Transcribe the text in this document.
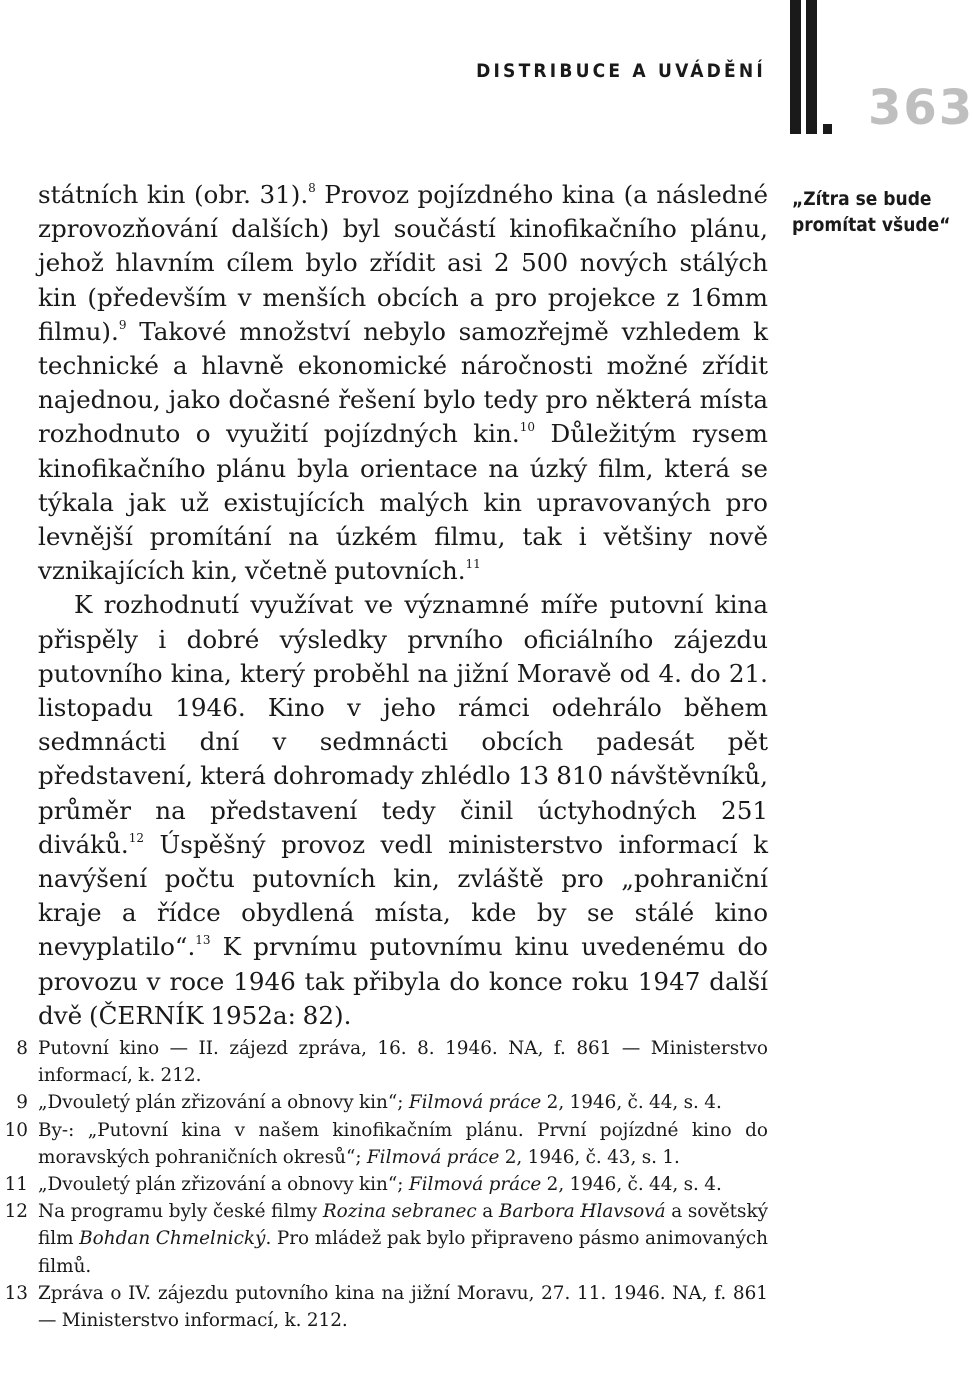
DISTRIBUCE A UVÁDĚNÍ
363
„Zítra se bude promítat všude“

státních kin (obr. 31).$^8$ Provoz pojízdného kina (a následné zprovozňování dalších) byl součástí kinofikačního plánu, jehož hlavním cílem bylo zřídit asi 2 500 nových stálých kin (především v menších obcích a pro projekce z 16mm filmu).$^9$ Takové množství nebylo samozřejmě vzhledem k technické a hlavně ekonomické náročnosti možné zřídit najednou, jako dočasné řešení bylo tedy pro některá místa rozhodnuto o využití pojízdných kin.$^{10}$ Důležitým rysem kinofikačního plánu byla orientace na úzký film, která se týkala jak už existujících malých kin upravovaných pro levnější promítání na úzkém filmu, tak i většiny nově vznikajících kin, včetně putovních.$^{11}$

K rozhodnutí využívat ve významné míře putovní kina přispěly i dobré výsledky prvního oficiálního zájezdu putovního kina, který proběhl na jižní Moravě od 4. do 21. listopadu 1946. Kino v jeho rámci odehrálo během sedmnácti dní v sedmnácti obcích padesát pět představení, která dohromady zhlédlo 13 810 návštěvníků, průměr na představení tedy činil úctyhodných 251 diváků.$^{12}$ Úspěšný provoz vedl ministerstvo informací k navýšení počtu putovních kin, zvláště pro „pohraniční kraje a řídce obydlená místa, kde by se stálé kino nevyplatilo“.$^{13}$ K prvnímu putovnímu kinu uvedenému do provozu v roce 1946 tak přibyla do konce roku 1947 další dvě (ČERNÍK 1952a: 82).

8 Putovní kino — II. zájezd zpráva, 16. 8. 1946. NA, f. 861 — Ministerstvo informací, k. 212.
9 „Dvouletý plán zřizování a obnovy kin“; Filmová práce 2, 1946, č. 44, s. 4.
10 By-: „Putovní kina v našem kinofikačním plánu. První pojízdné kino do moravských pohraničních okresů“; Filmová práce 2, 1946, č. 43, s. 1.
11 „Dvouletý plán zřizování a obnovy kin“; Filmová práce 2, 1946, č. 44, s. 4.
12 Na programu byly české filmy Rozina sebranec a Barbora Hlavsová a sovětský film Bohdan Chmelnický. Pro mládež pak bylo připraveno pásmo animovaných filmů.
13 Zpráva o IV. zájezdu putovního kina na jižní Moravu, 27. 11. 1946. NA, f. 861 — Ministerstvo informací, k. 212.
